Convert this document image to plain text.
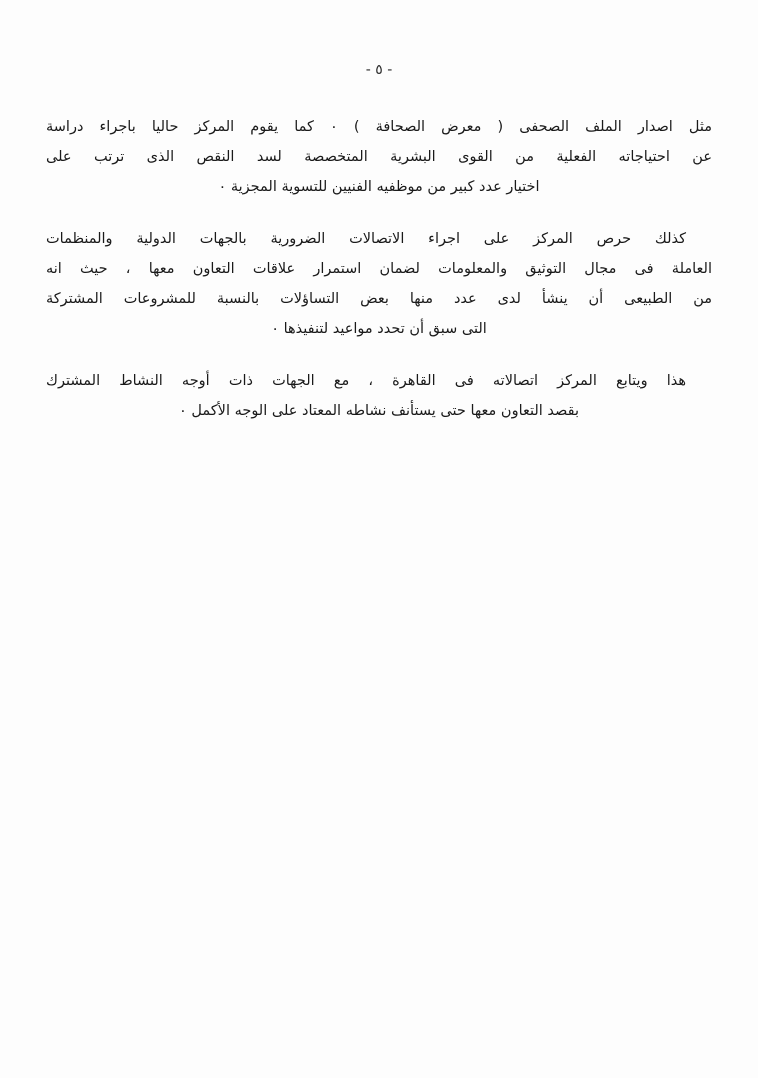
- ٥ -
مثل اصدار الملف الصحفى ( معرض الصحافة ) ٠ كما يقوم المركز حاليا باجراء دراسة
عن احتياجاته الفعلية من القوى البشرية المتخصصة لسد النقص الذى ترتب على
اختيار عدد كبير من موظفيه الفنيين للتسوية المجزية ٠
كذلك حرص المركز على اجراء الاتصالات الضرورية بالجهات الدولية والمنظمات
العاملة فى مجال التوثيق والمعلومات لضمان استمرار علاقات التعاون معها ، حيث انه
من الطبيعى أن ينشأ لدى عدد منها بعض التساؤلات بالنسبة للمشروعات المشتركة
التى سبق أن تحدد مواعيد لتنفيذها ٠
هذا ويتابع المركز اتصالاته فى القاهرة ، مع الجهات ذات أوجه النشاط المشترك
بقصد التعاون معها حتى يستأنف نشاطه المعتاد على الوجه الأكمل ٠
